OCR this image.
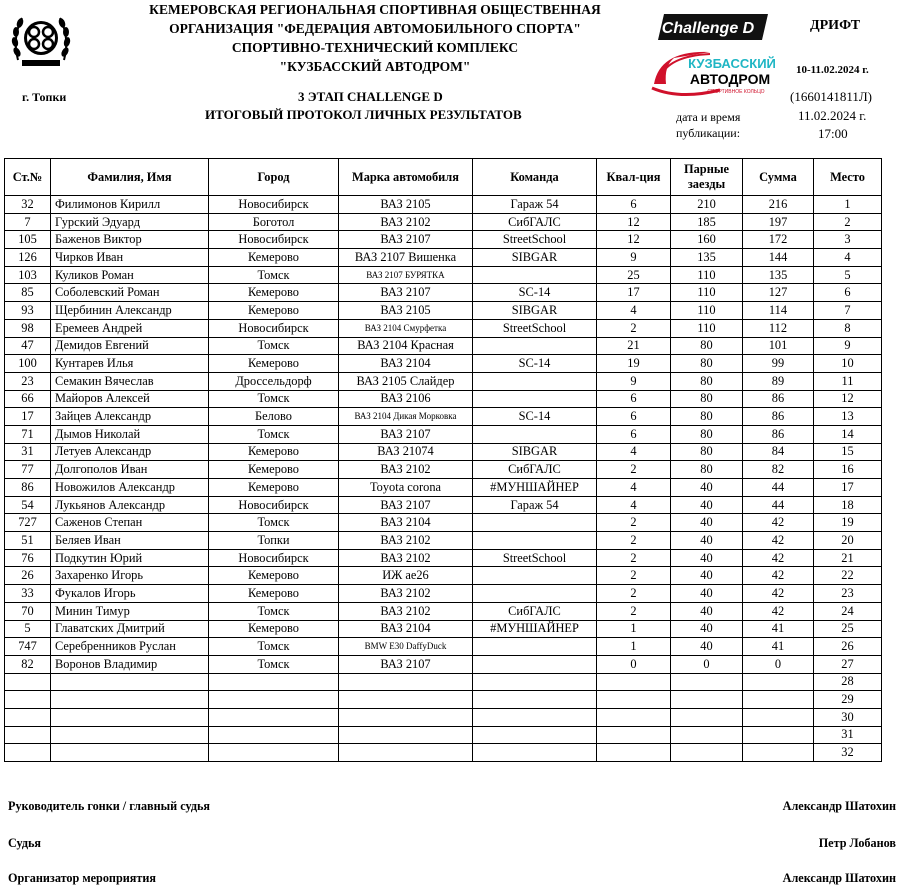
КЕМЕРОВСКАЯ РЕГИОНАЛЬНАЯ СПОРТИВНАЯ ОБЩЕСТВЕННАЯ
ОРГАНИЗАЦИЯ "ФЕДЕРАЦИЯ АВТОМОБИЛЬНОГО СПОРТА"
СПОРТИВНО-ТЕХНИЧЕСКИЙ КОМПЛЕКС
"КУЗБАССКИЙ АВТОДРОМ"
Challenge D
КУЗБАССКИЙ
АВТОДРОМ
СПОРТИВНОЕ КОЛЬЦО
ДРИФТ
10-11.02.2024 г.
г. Топки	3 ЭТАП CHALLENGE D
ИТОГОВЫЙ ПРОТОКОЛ ЛИЧНЫХ РЕЗУЛЬТАТОВ
(1660141811Л)
дата и время	11.02.2024 г.
публикации:	17:00
Ст.№	Фамилия, Имя	Город	Марка автомобиля	Команда	Квал-ция	Парные заезды	Сумма	Место
32	Филимонов Кирилл	Новосибирск	ВАЗ 2105	Гараж 54	6	210	216	1
7	Гурский Эдуард	Боготол	ВАЗ 2102	СибГАЛС	12	185	197	2
105	Баженов Виктор	Новосибирск	ВАЗ 2107	StreetSchool	12	160	172	3
126	Чирков Иван	Кемерово	ВАЗ 2107 Вишенка	SIBGAR	9	135	144	4
103	Куликов Роман	Томск	ВАЗ 2107 БУРЯТКА		25	110	135	5
85	Соболевский Роман	Кемерово	ВАЗ 2107	SC-14	17	110	127	6
93	Щербинин Александр	Кемерово	ВАЗ 2105	SIBGAR	4	110	114	7
98	Еремеев Андрей	Новосибирск	ВАЗ 2104 Смурфетка	StreetSchool	2	110	112	8
47	Демидов Евгений	Томск	ВАЗ 2104 Красная		21	80	101	9
100	Кунтарев Илья	Кемерово	ВАЗ 2104	SC-14	19	80	99	10
23	Семакин Вячеслав	Дроссельдорф	ВАЗ 2105 Слайдер		9	80	89	11
66	Майоров Алексей	Томск	ВАЗ 2106		6	80	86	12
17	Зайцев Александр	Белово	ВАЗ 2104 Дикая Морковка	SC-14	6	80	86	13
71	Дымов Николай	Томск	ВАЗ 2107		6	80	86	14
31	Летуев Александр	Кемерово	ВАЗ 21074	SIBGAR	4	80	84	15
77	Долгополов Иван	Кемерово	ВАЗ 2102	СибГАЛС	2	80	82	16
86	Новожилов Александр	Кемерово	Toyota corona	#МУНШАЙНЕР	4	40	44	17
54	Лукьянов Александр	Новосибирск	ВАЗ 2107	Гараж 54	4	40	44	18
727	Саженов Степан	Томск	ВАЗ 2104		2	40	42	19
51	Беляев Иван	Топки	ВАЗ 2102		2	40	42	20
76	Подкутин Юрий	Новосибирск	ВАЗ 2102	StreetSchool	2	40	42	21
26	Захаренко Игорь	Кемерово	ИЖ ае26		2	40	42	22
33	Фукалов Игорь	Кемерово	ВАЗ 2102		2	40	42	23
70	Минин Тимур	Томск	ВАЗ 2102	СибГАЛС	2	40	42	24
5	Главатских Дмитрий	Кемерово	ВАЗ 2104	#МУНШАЙНЕР	1	40	41	25
747	Серебренников Руслан	Томск	BMW E30 DaffyDuck		1	40	41	26
82	Воронов Владимир	Томск	ВАЗ 2107		0	0	0	27
								28
								29
								30
								31
								32
Руководитель гонки / главный судья	Александр Шатохин
Судья	Петр Лобанов
Организатор мероприятия	Александр Шатохин
